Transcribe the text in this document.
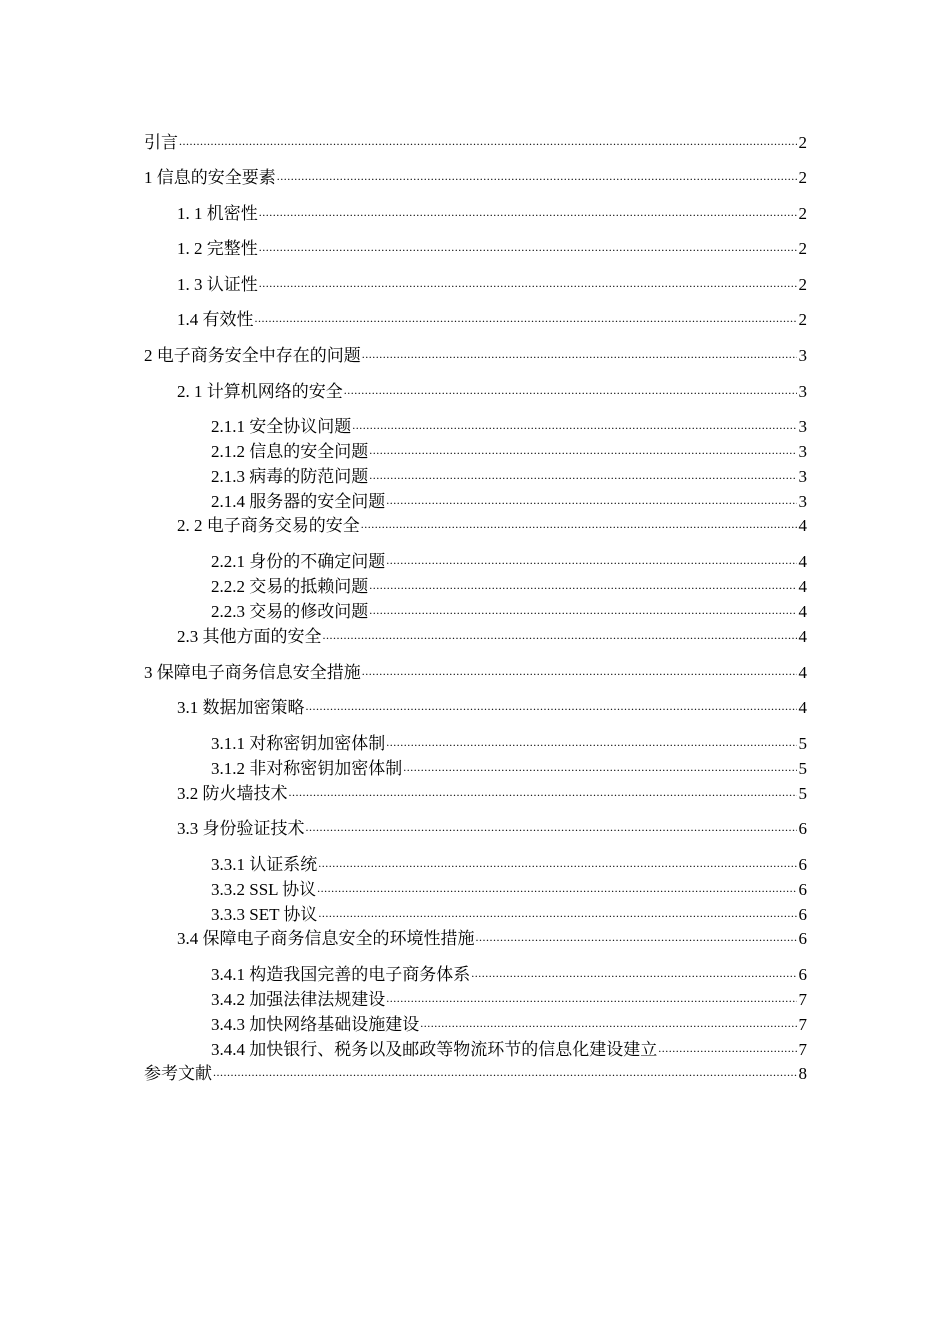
引言 .....	2
1 信息的安全要素 .....	2
1. 1 机密性 .....	2
1. 2 完整性 .....	2
1. 3 认证性 .....	2
1.4 有效性 .....	2
2 电子商务安全中存在的问题 .....	3
2. 1 计算机网络的安全 .....	3
2.1.1 安全协议问题 .....	3
2.1.2 信息的安全问题 .....	3
2.1.3 病毒的防范问题 .....	3
2.1.4 服务器的安全问题 .....	3
2. 2 电子商务交易的安全 .....	4
2.2.1 身份的不确定问题 .....	4
2.2.2 交易的抵赖问题 .....	4
2.2.3 交易的修改问题 .....	4
2.3 其他方面的安全 .....	4
3 保障电子商务信息安全措施 .....	4
3.1 数据加密策略 .....	4
3.1.1 对称密钥加密体制 .....	5
3.1.2 非对称密钥加密体制 .....	5
3.2 防火墙技术 .....	5
3.3 身份验证技术 .....	6
3.3.1 认证系统 .....	6
3.3.2 SSL 协议 .....	6
3.3.3 SET 协议 .....	6
3.4 保障电子商务信息安全的环境性措施 .....	6
3.4.1 构造我国完善的电子商务体系 .....	6
3.4.2 加强法律法规建设 .....	7
3.4.3 加快网络基础设施建设 .....	7
3.4.4 加快银行、税务以及邮政等物流环节的信息化建设建立 .....	7
参考文献 .....	8
